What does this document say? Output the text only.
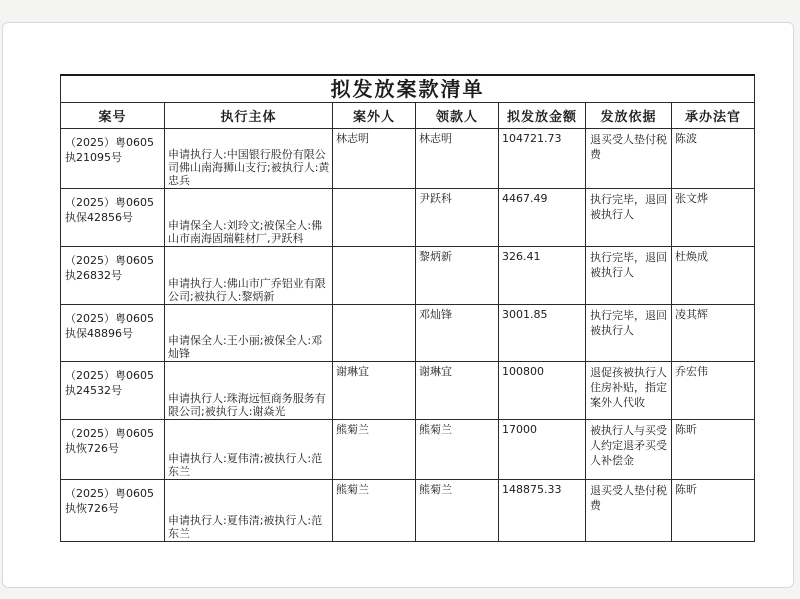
拟发放案款清单						
案号	执行主体	案外人	领款人	拟发放金额	发放依据	承办法官
（2025）粤0605执21095号	申请执行人:中国银行股份有限公司佛山南海狮山支行;被执行人:黄忠兵	林志明	林志明	104721.73	退买受人垫付税费	陈波
（2025）粤0605执保42856号	申请保全人:刘玲文;被保全人:佛山市南海固瑞鞋材厂,尹跃科		尹跃科	4467.49	执行完毕，退回被执行人	张文烨
（2025）粤0605执26832号	申请执行人:佛山市广乔铝业有限公司;被执行人:黎炳新		黎炳新	326.41	执行完毕，退回被执行人	杜焕成
（2025）粤0605执保48896号	申请保全人:王小丽;被保全人:邓灿锋		邓灿锋	3001.85	执行完毕，退回被执行人	凌其辉
（2025）粤0605执24532号	申请执行人:珠海远恒商务服务有限公司;被执行人:谢焱光	谢琳宜	谢琳宜	100800	退促孩被执行人住房补贴，指定案外人代收	乔宏伟
（2025）粤0605执恢726号	申请执行人:夏伟清;被执行人:范东兰	熊菊兰	熊菊兰	17000	被执行人与买受人约定退矛买受人补偿金	陈昕
（2025）粤0605执恢726号	申请执行人:夏伟清;被执行人:范东兰	熊菊兰	熊菊兰	148875.33	退买受人垫付税费	陈昕
